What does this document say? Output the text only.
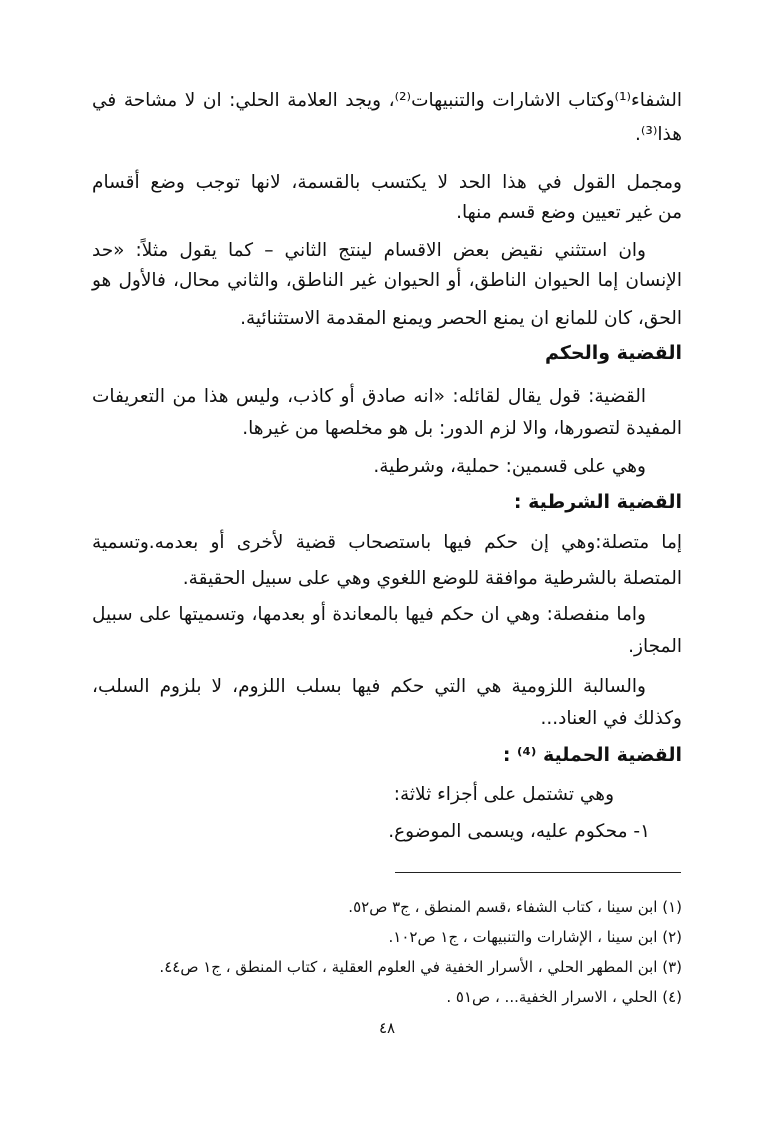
الشفاء⁽¹⁾وكتاب الاشارات والتنبيهات⁽²⁾، ويجد العلامة الحلي: ان لا مشاحة في
هذا⁽³⁾.
ومجمل القول في هذا الحد لا يكتسب بالقسمة، لانها توجب وضع أقسام
من غير تعيين وضع قسم منها.
وان استثني نقيض بعض الاقسام لينتج الثاني – كما يقول مثلاً: «حد
الإنسان إما الحيوان الناطق، أو الحيوان غير الناطق، والثاني محال، فالأول هو
الحق، كان للمانع ان يمنع الحصر ويمنع المقدمة الاستثنائية.
القضية والحكم
القضية: قول يقال لقائله: «انه صادق أو كاذب، وليس هذا من التعريفات
المفيدة لتصورها، والا لزم الدور: بل هو مخلصها من غيرها.
وهي على قسمين: حملية، وشرطية.
القضية الشرطية :
إما متصلة:وهي إن حكم فيها باستصحاب قضية لأخرى أو بعدمه.وتسمية
المتصلة بالشرطية موافقة للوضع اللغوي وهي على سبيل الحقيقة.
واما منفصلة: وهي ان حكم فيها بالمعاندة أو بعدمها، وتسميتها على سبيل
المجاز.
والسالبة اللزومية هي التي حكم فيها بسلب اللزوم، لا بلزوم السلب،
وكذلك في العناد...
القضية الحملية ⁽⁴⁾ :
وهي تشتمل على أجزاء ثلاثة:
١- محكوم عليه، ويسمى الموضوع.
(١) ابن سينا ، كتاب الشفاء ،قسم المنطق ، ج٣ ص٥٢.
(٢) ابن سينا ، الإشارات والتنبيهات ، ج١ ص١٠٢.
(٣) ابن المطهر الحلي ، الأسرار الخفية في العلوم العقلية ، كتاب المنطق ، ج١ ص٤٤.
(٤) الحلي ، الاسرار الخفية... ، ص٥١ .
٤٨
